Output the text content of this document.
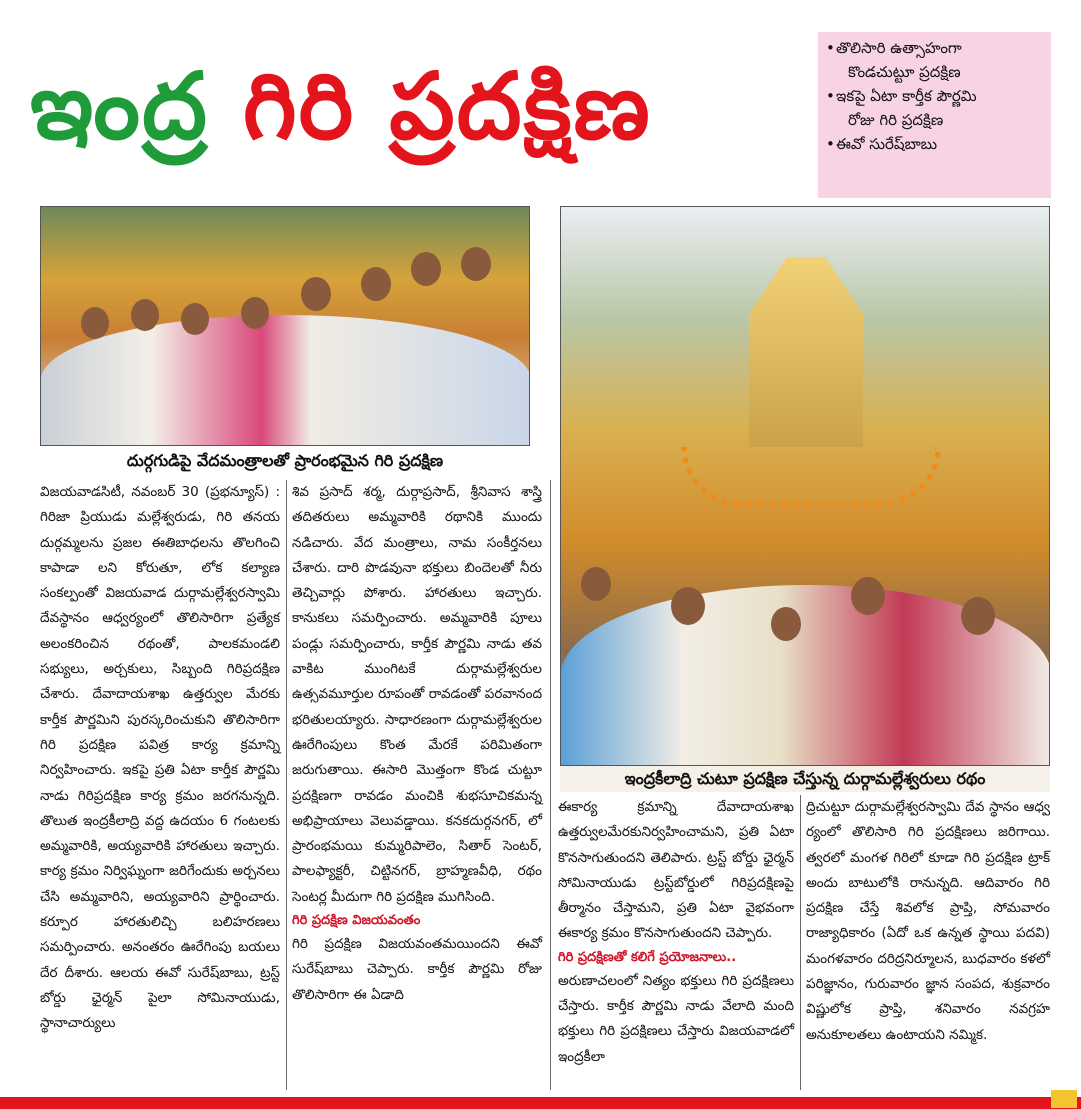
ఇంద్ర గిరి ప్రదక్షిణ
•తొలిసారి ఉత్సాహంగా
కొండచుట్టూ ప్రదక్షిణ
•ఇకపై ఏటా కార్తీక పౌర్ణమి
రోజు గిరి ప్రదక్షిణ
•ఈవో సురేష్‌బాబు
దుర్గగుడిపై వేదమంత్రాలతో ప్రారంభమైన గిరి ప్రదక్షిణ
ఇంద్రకీలాద్రి చుటూ ప్రదక్షిణ చేస్తున్న దుర్గామల్లేశ్వరులు రథం

విజయవాడసిటీ, నవంబర్ 30 (ప్రభన్యూస్) : గిరిజా ప్రియుడు మల్లేశ్వరుడు, గిరి తనయ దుర్గమ్మలను ప్రజల ఈతిబాధలను తొలగించి కాపాడా లని కోరుతూ, లోక కల్యాణ సంకల్పంతో విజయవాడ దుర్గామల్లేశ్వరస్వామి దేవస్థానం ఆధ్వర్యంలో తొలిసారిగా ప్రత్యేక అలంకరించిన రథంతో, పాలకమండలి సభ్యులు, అర్చకులు, సిబ్బంది గిరిప్రదక్షిణ చేశారు. దేవాదాయశాఖ ఉత్తర్వుల మేరకు కార్తీక పౌర్ణమిని పురస్కరించుకుని తొలిసారిగా గిరి ప్రదక్షిణ పవిత్ర కార్య క్రమాన్ని నిర్వహించారు. ఇకపై ప్రతి ఏటా కార్తీక పౌర్ణమి నాడు గిరిప్రదక్షిణ కార్య క్రమం జరగనున్నది. తొలుత ఇంద్రకీలాద్రి వద్ద ఉదయం 6 గంటలకు అమ్మవారికి, అయ్యవారికి హారతులు ఇచ్చారు. కార్య క్రమం నిర్విఘ్నంగా జరిగేందుకు అర్చనలు చేసి అమ్మవారిని, అయ్యవారిని ప్రార్థించారు. కర్పూర హారతులిచ్చి బలిహరణలు సమర్పించారు. అనంతరం ఊరేగింపు బయలు దేర దీశారు. ఆలయ ఈవో సురేష్‌బాబు, ట్రస్ట్ బోర్డు ఛైర్మన్ పైలా సోమినాయుడు, స్థానాచార్యులు

శివ ప్రసాద్ శర్మ, దుర్గాప్రసాద్, శ్రీనివాస శాస్త్రి తదితరులు అమ్మవారికి రథానికి ముందు నడిచారు. వేద మంత్రాలు, నామ సంకీర్తనలు చేశారు. దారి పొడవునా భక్తులు బిందెలతో నీరు తెచ్చివార్లు పోశారు. హారతులు ఇచ్చారు. కానుకలు సమర్పించారు. అమ్మవారికి పూలు పండ్లు సమర్పించారు, కార్తీక పౌర్ణమి నాడు తవ వాకిట ముంగిటకే దుర్గామల్లేశ్వరుల ఉత్సవమూర్తుల రూపంతో రావడంతో పరవానంద భరితులయ్యారు. సాధారణంగా దుర్గామల్లేశ్వరుల ఊరేగింపులు కొంత మేరకే పరిమితంగా జరుగుతాయి. ఈసారి మొత్తంగా కొండ చుట్టూ ప్రదక్షిణగా రావడం మంచికి శుభసూచికమన్న అభిప్రాయాలు వెలువడ్డాయి. కనకదుర్గనగర్, లో ప్రారంభమయి కుమ్మరిపాలెం, సితార్ సెంటర్, పాలఫ్యాక్టరీ, చిట్టినగర్, బ్రాహ్మణవీధి, రథం సెంటర్ల మీదుగా గిరి ప్రదక్షిణ ముగిసింది.

గిరి ప్రదక్షిణ విజయవంతం

గిరి ప్రదక్షిణ విజయవంతమయిందని ఈవో సురేష్‌బాబు చెప్పారు. కార్తీక పౌర్ణమి రోజు తొలిసారిగా ఈ ఏడాది

ఈకార్య క్రమాన్ని దేవాదాయశాఖ ఉత్తర్వులమేరకునిర్వహించామని, ప్రతి ఏటా కొనసాగుతుందని తెలిపారు. ట్రస్ట్ బోర్డు ఛైర్మన్ సోమినాయుడు ట్రస్ట్‌బోర్డులో గిరిప్రదక్షిణపై తీర్మానం చేస్తామని, ప్రతి ఏటా వైభవంగా ఈకార్య క్రమం కొనసాగుతుందని చెప్పారు.

గిరి ప్రదక్షిణతో కలిగే ప్రయోజనాలు..

అరుణాచలంలో నిత్యం భక్తులు గిరి ప్రదక్షిణలు చేస్తారు. కార్తీక పౌర్ణమి నాడు వేలాది మంది భక్తులు గిరి ప్రదక్షిణలు చేస్తారు విజయవాడలో ఇంద్రకీలా

ద్రిచుట్టూ దుర్గామల్లేశ్వరస్వామి దేవ స్థానం ఆధ్వ ర్యంలో తొలిసారి గిరి ప్రదక్షిణలు జరిగాయి. త్వరలో మంగళ గిరిలో కూడా గిరి ప్రదక్షిణ ట్రాక్ అందు బాటులోకి రానున్నది. ఆదివారం గిరి ప్రదక్షిణ చేస్తే శివలోక ప్రాప్తి, సోమవారం రాజ్యాధికారం (ఏదో ఒక ఉన్నత స్థాయి పదవి) మంగళవారం దరిద్రనిర్మూలన, బుధవారం కళలో పరిజ్ఞానం, గురువారం జ్ఞాన సంపద, శుక్రవారం విష్ణులోక ప్రాప్తి, శనివారం నవగ్రహ అనుకూలతలు ఉంటాయని నమ్మిక.
